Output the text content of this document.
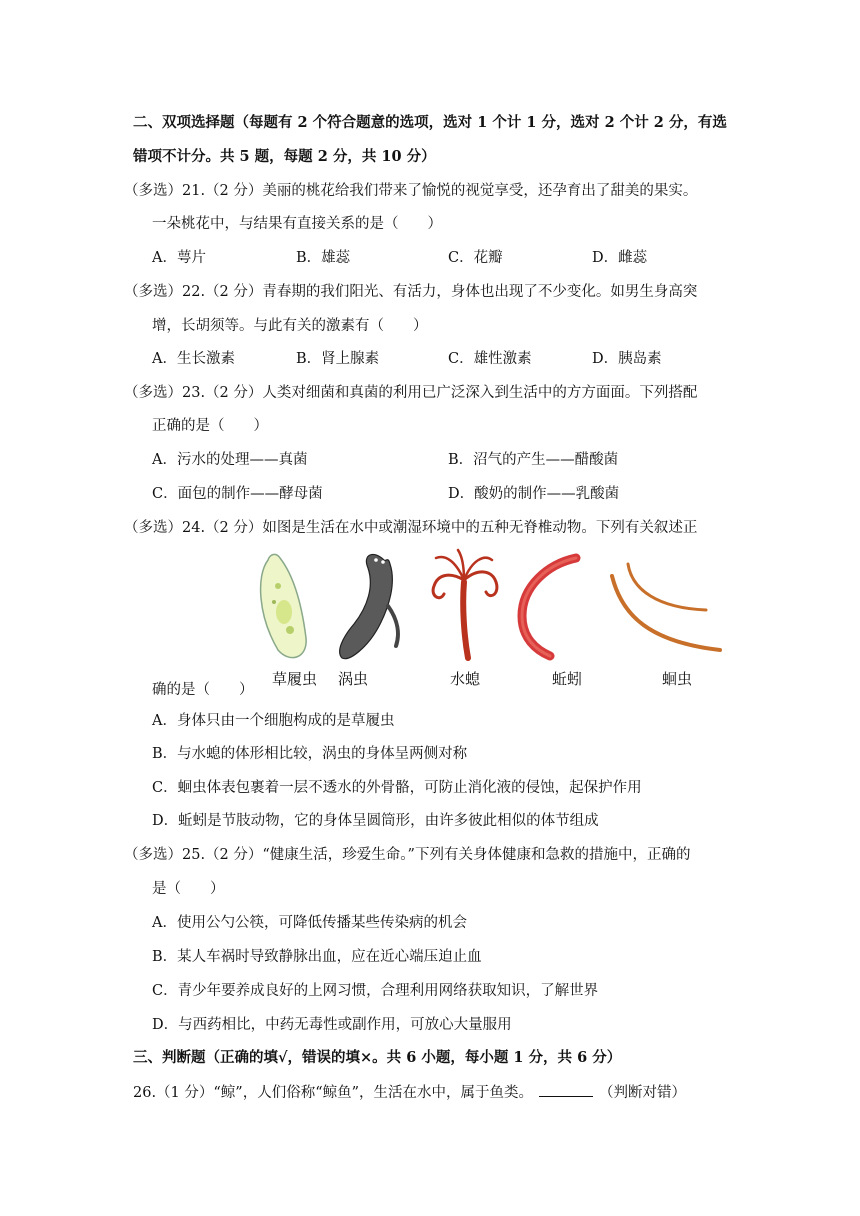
二、双项选择题（每题有 2 个符合题意的选项，选对 1 个计 1 分，选对 2 个计 2 分，有选
错项不计分。共 5 题，每题 2 分，共 10 分）
（多选）21.（2 分）美丽的桃花给我们带来了愉悦的视觉享受，还孕育出了甜美的果实。
一朵桃花中，与结果有直接关系的是（　　）
A．萼片	B．雄蕊	C．花瓣	D．雌蕊
（多选）22.（2 分）青春期的我们阳光、有活力，身体也出现了不少变化。如男生身高突
增，长胡须等。与此有关的激素有（　　）
A．生长激素	B．肾上腺素	C．雄性激素	D．胰岛素
（多选）23.（2 分）人类对细菌和真菌的利用已广泛深入到生活中的方方面面。下列搭配
正确的是（　　）
A．污水的处理——真菌	B．沼气的产生——醋酸菌
C．面包的制作——酵母菌	D．酸奶的制作——乳酸菌
（多选）24.（2 分）如图是生活在水中或潮湿环境中的五种无脊椎动物。下列有关叙述正
草履虫 涡虫	水螅	蚯蚓	蛔虫
确的是（　　）
A．身体只由一个细胞构成的是草履虫
B．与水螅的体形相比较，涡虫的身体呈两侧对称
C．蛔虫体表包裹着一层不透水的外骨骼，可防止消化液的侵蚀，起保护作用
D．蚯蚓是节肢动物，它的身体呈圆筒形，由许多彼此相似的体节组成
（多选）25.（2 分）“健康生活，珍爱生命。”下列有关身体健康和急救的措施中，正确的
是（　　）
A．使用公勺公筷，可降低传播某些传染病的机会
B．某人车祸时导致静脉出血，应在近心端压迫止血
C．青少年要养成良好的上网习惯，合理利用网络获取知识，了解世界
D．与西药相比，中药无毒性或副作用，可放心大量服用
三、判断题（正确的填√，错误的填×。共 6 小题，每小题 1 分，共 6 分）
26.（1 分）“鲸”，人们俗称“鲸鱼”，生活在水中，属于鱼类。	（判断对错）
